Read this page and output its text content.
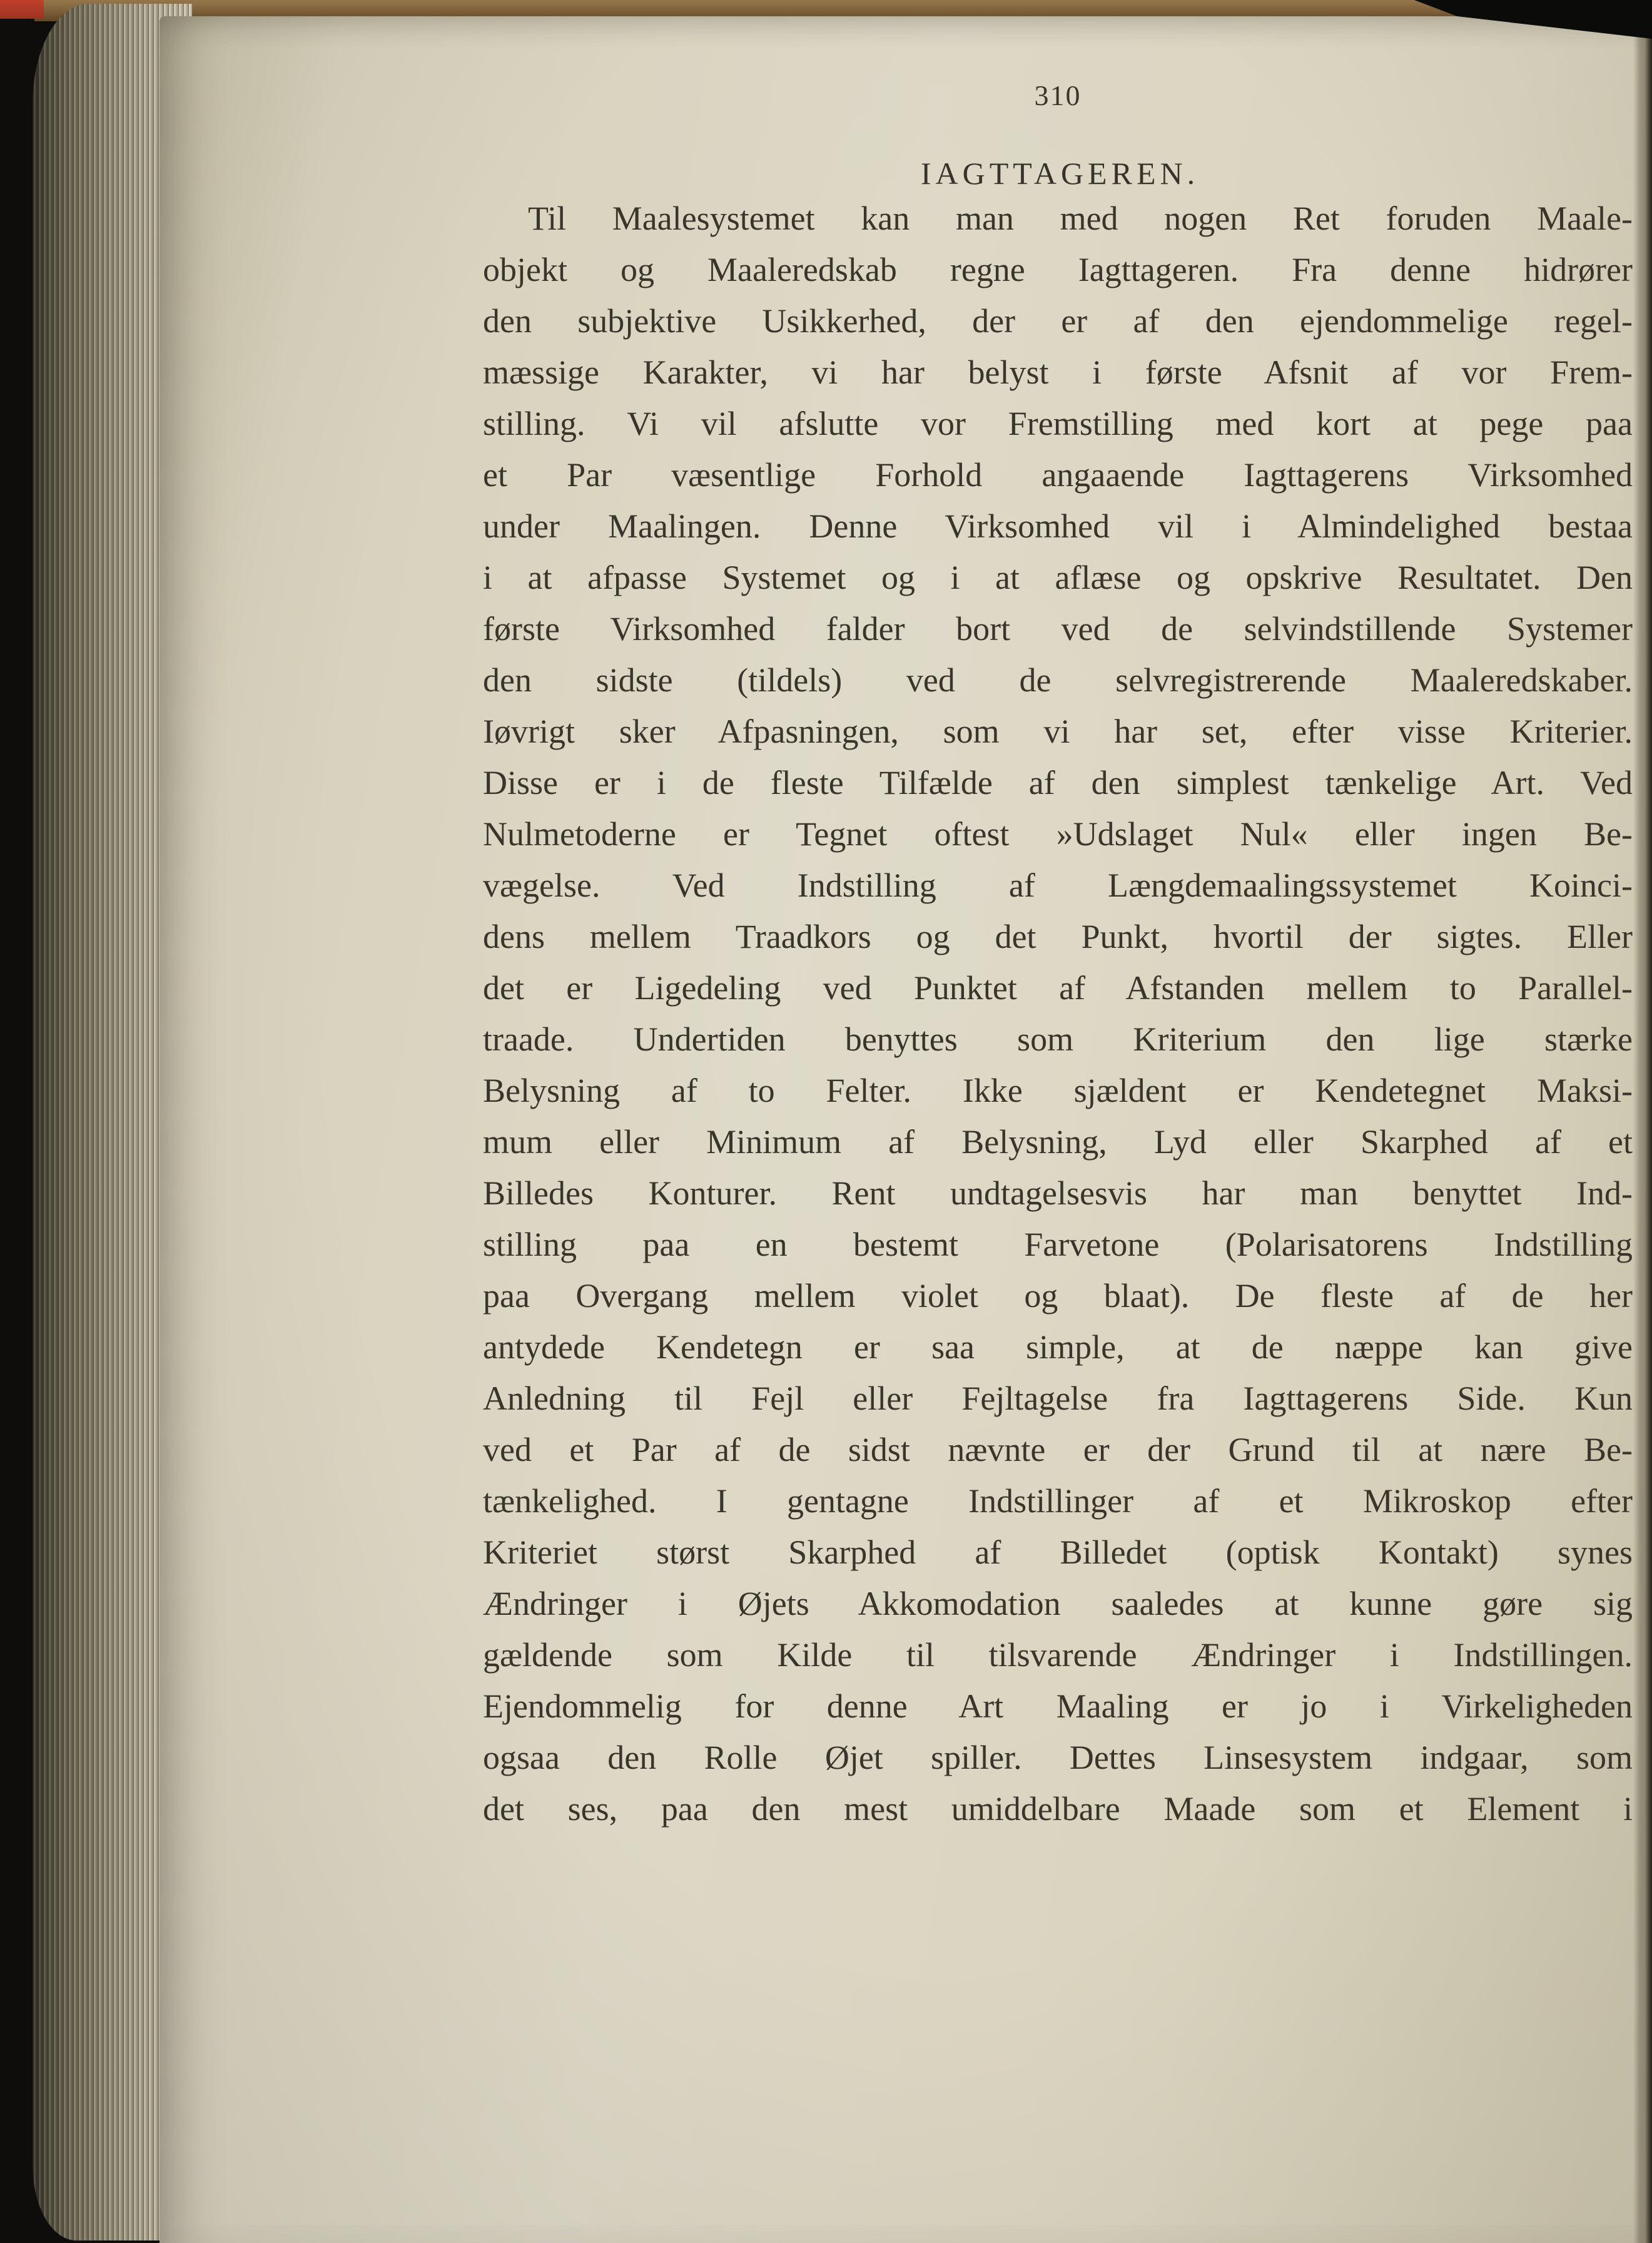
310
IAGTTAGEREN.
Til Maalesystemet kan man med nogen Ret foruden Maale-
objekt og Maaleredskab regne Iagttageren. Fra denne hidrører
den subjektive Usikkerhed, der er af den ejendommelige regel-
mæssige Karakter, vi har belyst i første Afsnit af vor Frem-
stilling. Vi vil afslutte vor Fremstilling med kort at pege paa
et Par væsentlige Forhold angaaende Iagttagerens Virksomhed
under Maalingen. Denne Virksomhed vil i Almindelighed bestaa
i at afpasse Systemet og i at aflæse og opskrive Resultatet. Den
første Virksomhed falder bort ved de selvindstillende Systemer
den sidste (tildels) ved de selvregistrerende Maaleredskaber.
Iøvrigt sker Afpasningen, som vi har set, efter visse Kriterier.
Disse er i de fleste Tilfælde af den simplest tænkelige Art. Ved
Nulmetoderne er Tegnet oftest »Udslaget Nul« eller ingen Be-
vægelse. Ved Indstilling af Længdemaalingssystemet Koinci-
dens mellem Traadkors og det Punkt, hvortil der sigtes. Eller
det er Ligedeling ved Punktet af Afstanden mellem to Parallel-
traade. Undertiden benyttes som Kriterium den lige stærke
Belysning af to Felter. Ikke sjældent er Kendetegnet Maksi-
mum eller Minimum af Belysning, Lyd eller Skarphed af et
Billedes Konturer. Rent undtagelsesvis har man benyttet Ind-
stilling paa en bestemt Farvetone (Polarisatorens Indstilling
paa Overgang mellem violet og blaat). De fleste af de her
antydede Kendetegn er saa simple, at de næppe kan give
Anledning til Fejl eller Fejltagelse fra Iagttagerens Side. Kun
ved et Par af de sidst nævnte er der Grund til at nære Be-
tænkelighed. I gentagne Indstillinger af et Mikroskop efter
Kriteriet størst Skarphed af Billedet (optisk Kontakt) synes
Ændringer i Øjets Akkomodation saaledes at kunne gøre sig
gældende som Kilde til tilsvarende Ændringer i Indstillingen.
Ejendommelig for denne Art Maaling er jo i Virkeligheden
ogsaa den Rolle Øjet spiller. Dettes Linsesystem indgaar, som
det ses, paa den mest umiddelbare Maade som et Element i
